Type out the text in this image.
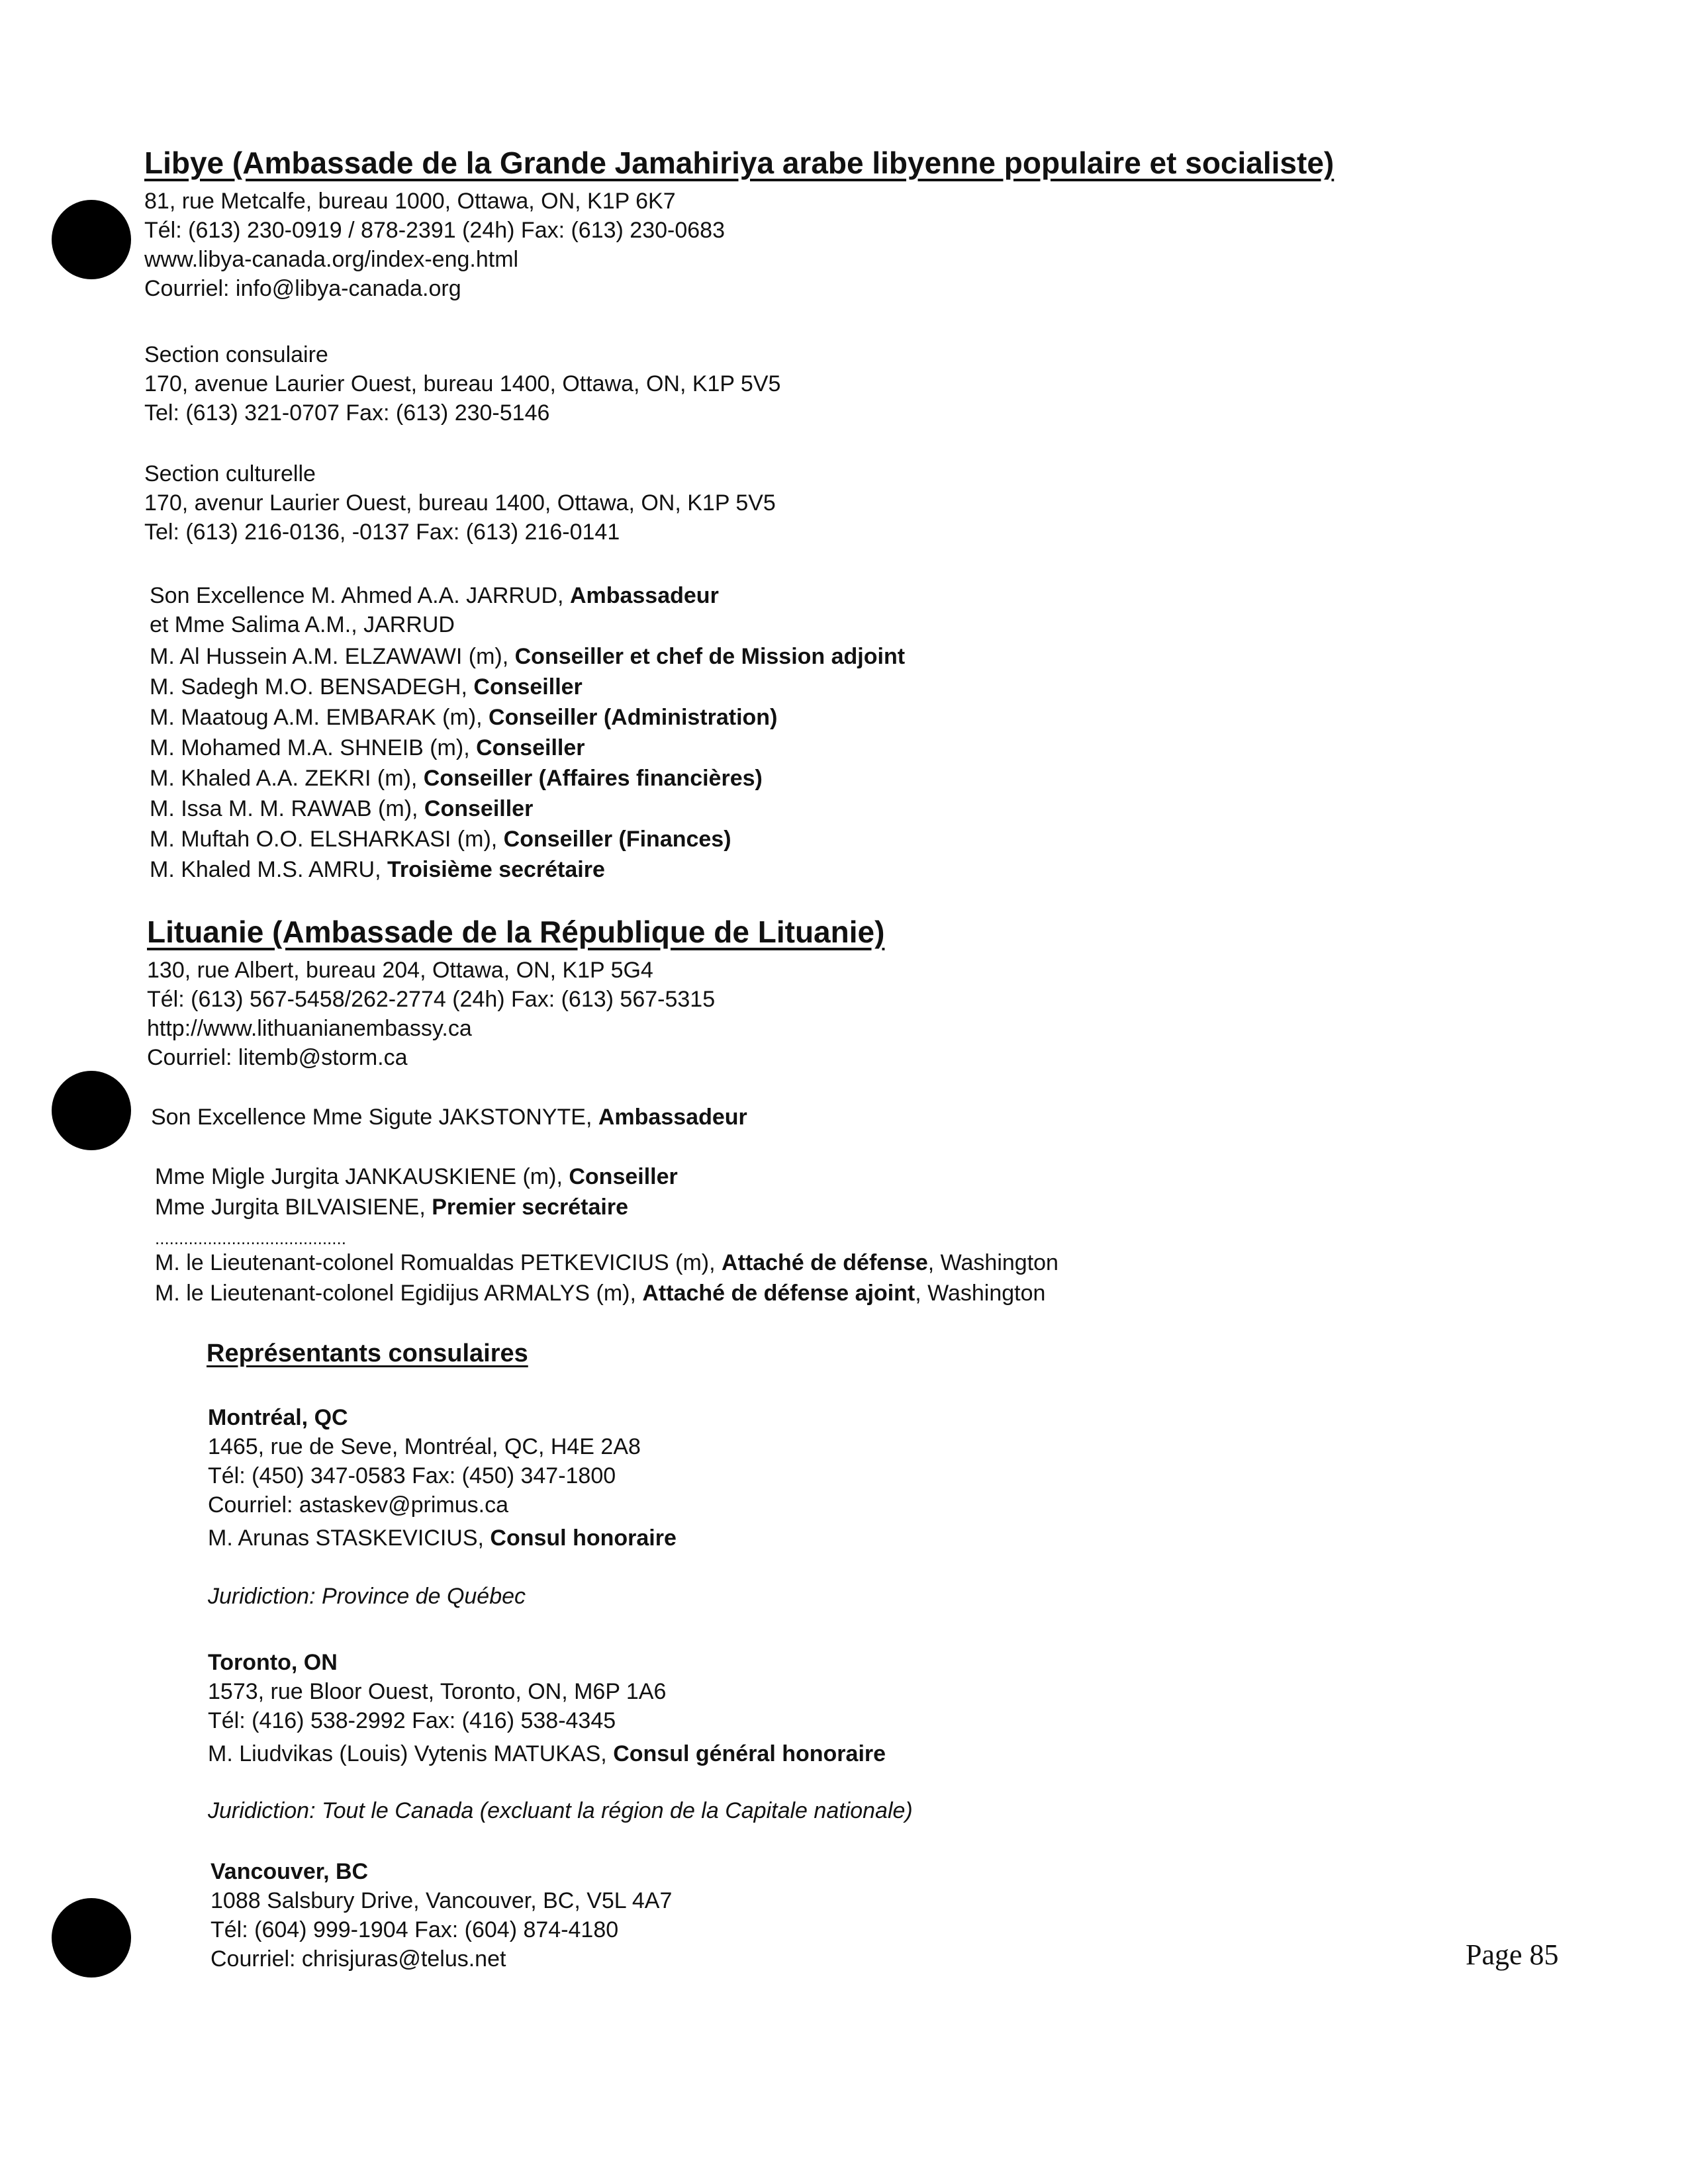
Libye (Ambassade de la Grande Jamahiriya arabe libyenne populaire et socialiste)
81, rue Metcalfe, bureau 1000, Ottawa, ON, K1P 6K7
Tél: (613) 230-0919 / 878-2391 (24h) Fax: (613) 230-0683
www.libya-canada.org/index-eng.html
Courriel: info@libya-canada.org
Section consulaire
170, avenue Laurier Ouest, bureau 1400, Ottawa, ON, K1P 5V5
Tel: (613) 321-0707 Fax: (613) 230-5146
Section culturelle
170, avenur Laurier Ouest, bureau 1400, Ottawa, ON, K1P 5V5
Tel: (613) 216-0136, -0137 Fax: (613) 216-0141
Son Excellence M. Ahmed A.A. JARRUD, Ambassadeur
et Mme Salima A.M., JARRUD
M. Al Hussein A.M. ELZAWAWI (m), Conseiller et chef de Mission adjoint
M. Sadegh M.O. BENSADEGH, Conseiller
M. Maatoug A.M. EMBARAK (m), Conseiller (Administration)
M. Mohamed M.A. SHNEIB (m), Conseiller
M. Khaled A.A. ZEKRI (m), Conseiller (Affaires financières)
M. Issa M. M. RAWAB (m), Conseiller
M. Muftah O.O. ELSHARKASI (m), Conseiller (Finances)
M. Khaled M.S. AMRU, Troisième secrétaire
Lituanie (Ambassade de la République de Lituanie)
130, rue Albert, bureau 204, Ottawa, ON, K1P 5G4
Tél: (613) 567-5458/262-2774 (24h) Fax: (613) 567-5315
http://www.lithuanianembassy.ca
Courriel: litemb@storm.ca
Son Excellence Mme Sigute JAKSTONYTE, Ambassadeur
Mme Migle Jurgita JANKAUSKIENE (m), Conseiller
Mme Jurgita BILVAISIENE, Premier secrétaire
........................................
M. le Lieutenant-colonel Romualdas PETKEVICIUS (m), Attaché de défense, Washington
M. le Lieutenant-colonel Egidijus ARMALYS (m), Attaché de défense ajoint, Washington
Représentants consulaires
Montréal, QC
1465, rue de Seve, Montréal, QC, H4E 2A8
Tél: (450) 347-0583 Fax: (450) 347-1800
Courriel: astaskev@primus.ca
M. Arunas STASKEVICIUS, Consul honoraire
Juridiction: Province de Québec
Toronto, ON
1573, rue Bloor Ouest, Toronto, ON, M6P 1A6
Tél: (416) 538-2992 Fax: (416) 538-4345
M. Liudvikas (Louis) Vytenis MATUKAS, Consul général honoraire
Juridiction: Tout le Canada (excluant la région de la Capitale nationale)
Vancouver, BC
1088 Salsbury Drive, Vancouver, BC, V5L 4A7
Tél: (604) 999-1904 Fax: (604) 874-4180
Courriel: chrisjuras@telus.net	Page 85
